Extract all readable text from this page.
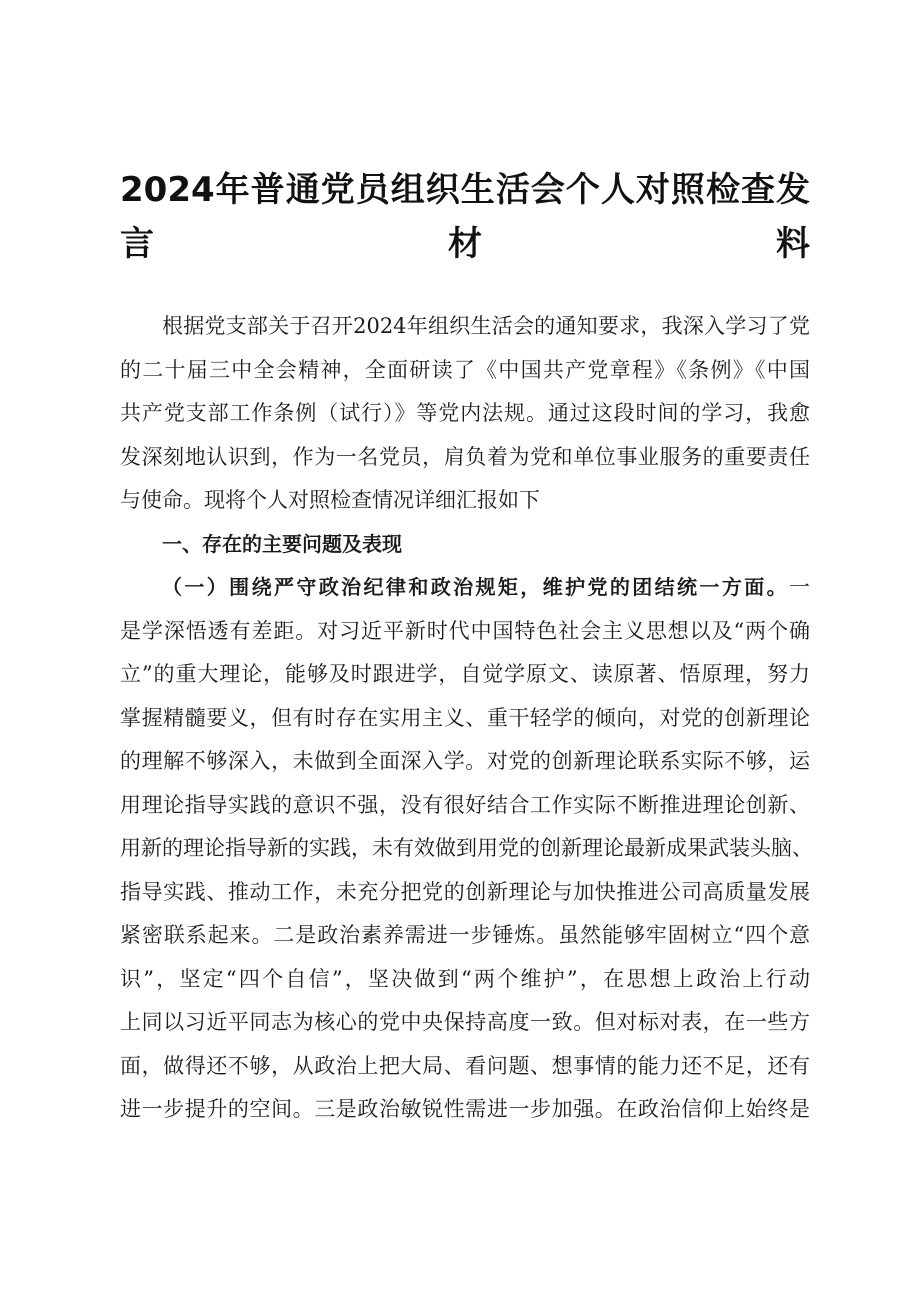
2024年普通党员组织生活会个人对照检查发
言材料
根据党支部关于召开2024年组织生活会的通知要求，我深入学习了党
的二十届三中全会精神，全面研读了《中国共产党章程》《条例》《中国
共产党支部工作条例（试行）》等党内法规。通过这段时间的学习，我愈
发深刻地认识到，作为一名党员，肩负着为党和单位事业服务的重要责任
与使命。现将个人对照检查情况详细汇报如下
一、存在的主要问题及表现
（一）围绕严守政治纪律和政治规矩，维护党的团结统一方面。一
是学深悟透有差距。对习近平新时代中国特色社会主义思想以及“两个确
立”的重大理论，能够及时跟进学，自觉学原文、读原著、悟原理，努力
掌握精髓要义，但有时存在实用主义、重干轻学的倾向，对党的创新理论
的理解不够深入，未做到全面深入学。对党的创新理论联系实际不够，运
用理论指导实践的意识不强，没有很好结合工作实际不断推进理论创新、
用新的理论指导新的实践，未有效做到用党的创新理论最新成果武装头脑、
指导实践、推动工作，未充分把党的创新理论与加快推进公司高质量发展
紧密联系起来。二是政治素养需进一步锤炼。虽然能够牢固树立“四个意
识”，坚定“四个自信”，坚决做到“两个维护”，在思想上政治上行动
上同以习近平同志为核心的党中央保持高度一致。但对标对表，在一些方
面，做得还不够，从政治上把大局、看问题、想事情的能力还不足，还有
进一步提升的空间。三是政治敏锐性需进一步加强。在政治信仰上始终是
